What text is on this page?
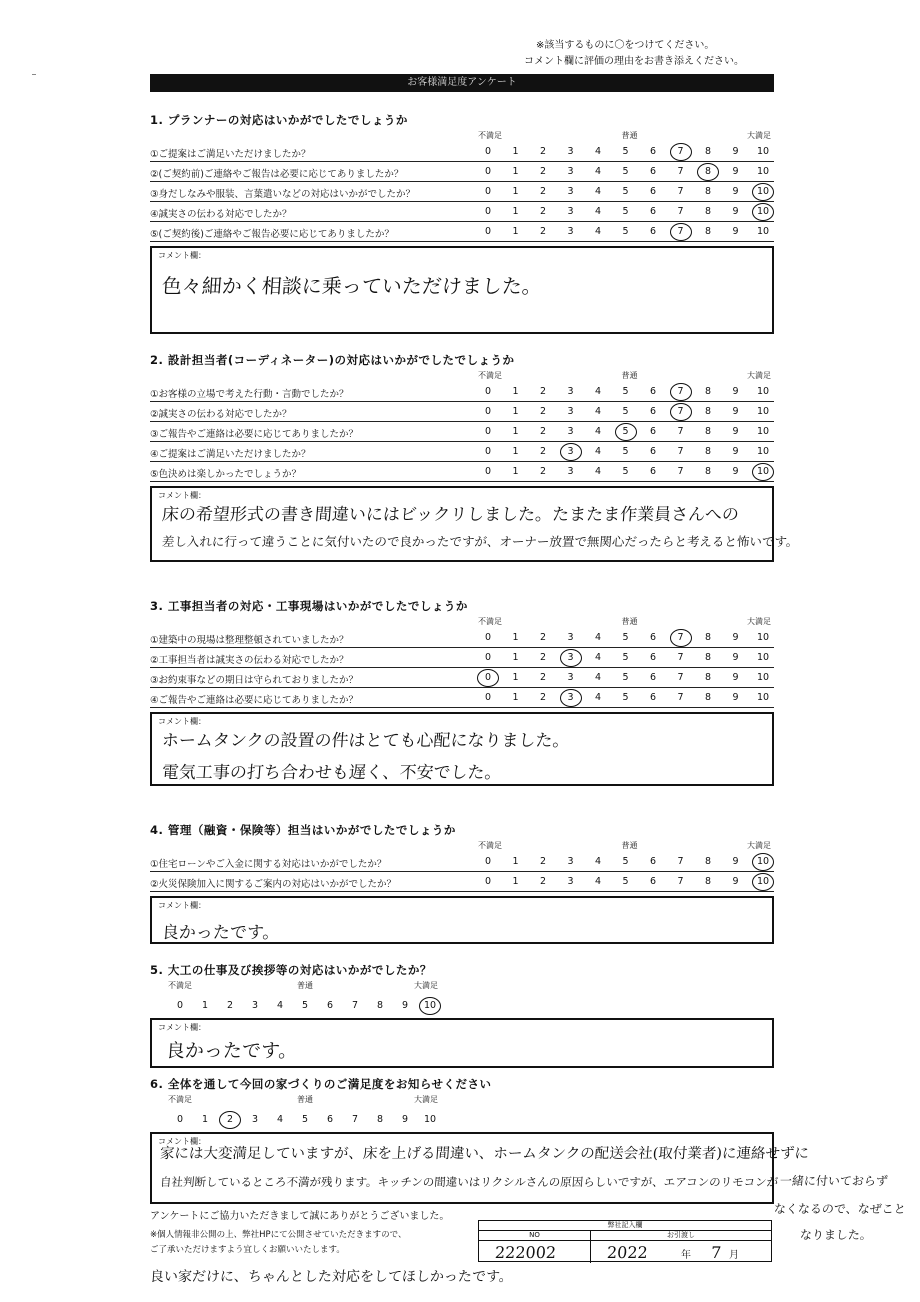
※該当するものに〇をつけてください。
コメント欄に評価の理由をお書き添えください。
お客様満足度アンケート
1. プランナーの対応はいかがでしたでしょうか
不満足	普通	大満足
①ご提案はご満足いただけましたか？	0	1	2	3	4	5	6	7	8	9	10
②(ご契約前)ご連絡やご報告は必要に応じてありましたか？	0	1	2	3	4	5	6	7	8	9	10
③身だしなみや服装、言葉遣いなどの対応はいかがでしたか？	0	1	2	3	4	5	6	7	8	9	10
④誠実さの伝わる対応でしたか？	0	1	2	3	4	5	6	7	8	9	10
⑤(ご契約後)ご連絡やご報告必要に応じてありましたか？	0	1	2	3	4	5	6	7	8	9	10
コメント欄：
色々細かく相談に乗っていただけました。
2. 設計担当者(コーディネーター)の対応はいかがでしたでしょうか
不満足	普通	大満足
①お客様の立場で考えた行動・言動でしたか？	0	1	2	3	4	5	6	7	8	9	10
②誠実さの伝わる対応でしたか？	0	1	2	3	4	5	6	7	8	9	10
③ご報告やご連絡は必要に応じてありましたか？	0	1	2	3	4	5	6	7	8	9	10
④ご提案はご満足いただけましたか？	0	1	2	3	4	5	6	7	8	9	10
⑤色決めは楽しかったでしょうか？	0	1	2	3	4	5	6	7	8	9	10
コメント欄：
床の希望形式の書き間違いにはビックリしました。たまたま作業員さんへの
差し入れに行って違うことに気付いたので良かったですが、オーナー放置で無関心だったらと考えると怖いです。
3. 工事担当者の対応・工事現場はいかがでしたでしょうか
不満足	普通	大満足
①建築中の現場は整理整頓されていましたか？	0	1	2	3	4	5	6	7	8	9	10
②工事担当者は誠実さの伝わる対応でしたか？	0	1	2	3	4	5	6	7	8	9	10
③お約束事などの期日は守られておりましたか？	0	1	2	3	4	5	6	7	8	9	10
④ご報告やご連絡は必要に応じてありましたか？	0	1	2	3	4	5	6	7	8	9	10
コメント欄：
ホームタンクの設置の件はとても心配になりました。
電気工事の打ち合わせも遅く、不安でした。
4. 管理（融資・保険等）担当はいかがでしたでしょうか
不満足	普通	大満足
①住宅ローンやご入金に関する対応はいかがでしたか？	0	1	2	3	4	5	6	7	8	9	10
②火災保険加入に関するご案内の対応はいかがでしたか？	0	1	2	3	4	5	6	7	8	9	10
コメント欄：
良かったです。
5. 大工の仕事及び挨拶等の対応はいかがでしたか？
不満足	普通	大満足
0	1	2	3	4	5	6	7	8	9	10
コメント欄：
良かったです。
6. 全体を通して今回の家づくりのご満足度をお知らせください
不満足	普通	大満足
0	1	2	3	4	5	6	7	8	9	10
コメント欄：
家には大変満足していますが、床を上げる間違い、ホームタンクの配送会社(取付業者)に連絡せずに
自社判断しているところ不満が残ります。キッチンの間違いはリクシルさんの原因らしいですが、エアコンのリモコンが 一緒に付いておらず
なくなるので、なぜこと
なりました。
アンケートにご協力いただきまして誠にありがとうございました。
※個人情報非公開の上、弊社HPにて公開させていただきますので、
ご了承いただけますよう宜しくお願いいたします。
弊社記入欄
NO	お引渡し
222002	2022	年 7 月
良い家だけに、ちゃんとした対応をしてほしかったです。
